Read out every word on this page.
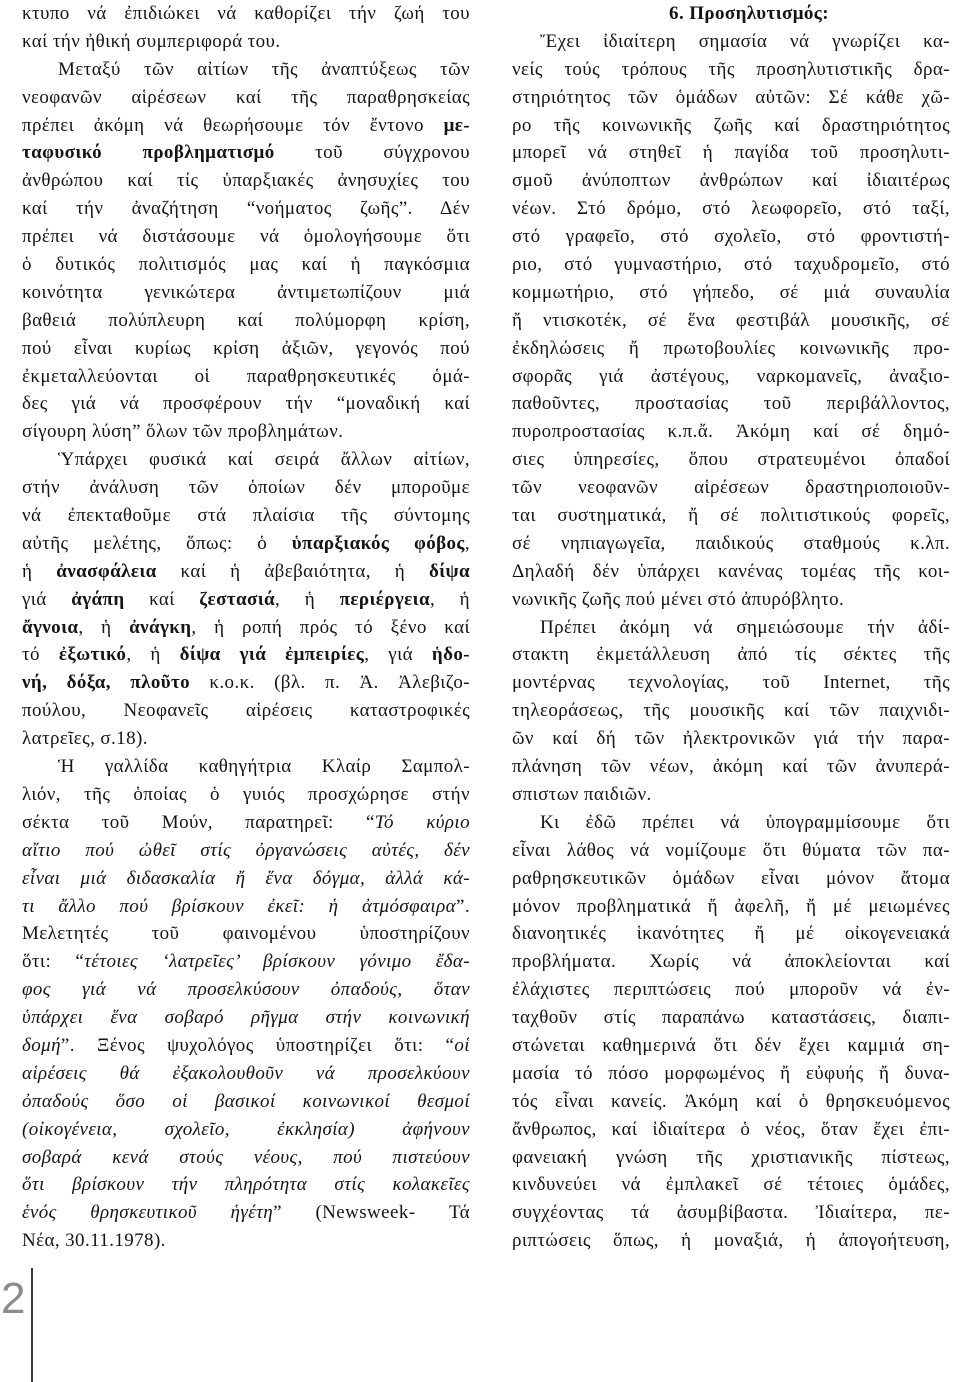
κτυπο νά ἐπιδιώκει νά καθορίζει τήν ζωή του
καί τήν ἠθική συμπεριφορά του.
Μεταξύ τῶν αἰτίων τῆς ἀναπτύξεως τῶν
νεοφανῶν αἱρέσεων καί τῆς παραθρησκείας
πρέπει ἀκόμη νά θεωρήσουμε τόν ἔντονο με-
ταφυσικό προβληματισμό τοῦ σύγχρονου
ἀνθρώπου καί τίς ὑπαρξιακές ἀνησυχίες του
καί τήν ἀναζήτηση “νοήματος ζωῆς”. Δέν
πρέπει νά διστάσουμε νά ὁμολογήσουμε ὅτι
ὁ δυτικός πολιτισμός μας καί ἡ παγκόσμια
κοινότητα γενικώτερα ἀντιμετωπίζουν μιά
βαθειά πολύπλευρη καί πολύμορφη κρίση,
πού εἶναι κυρίως κρίση ἀξιῶν, γεγονός πού
ἐκμεταλλεύονται οἱ παραθρησκευτικές ὁμά-
δες γιά νά προσφέρουν τήν “μοναδική καί
σίγουρη λύση” ὅλων τῶν προβλημάτων.
Ὑπάρχει φυσικά καί σειρά ἄλλων αἰτίων,
στήν ἀνάλυση τῶν ὁποίων δέν μποροῦμε
νά ἐπεκταθοῦμε στά πλαίσια τῆς σύντομης
αὐτῆς μελέτης, ὅπως: ὁ ὑπαρξιακός φόβος,
ἡ ἀνασφάλεια καί ἡ ἀβεβαιότητα, ἡ δίψα
γιά ἀγάπη καί ζεστασιά, ἡ περιέργεια, ἡ
ἄγνοια, ἡ ἀνάγκη, ἡ ροπή πρός τό ξένο καί
τό ἐξωτικό, ἡ δίψα γιά ἐμπειρίες, γιά ἡδο-
νή, δόξα, πλοῦτο κ.ο.κ. (βλ. π. Ἀ. Ἀλεβιζο-
πούλου, Νεοφανεῖς αἱρέσεις καταστροφικές
λατρεῖες, σ.18).
Ἡ γαλλίδα καθηγήτρια Κλαίρ Σαμπολ-
λιόν, τῆς ὁποίας ὁ γυιός προσχώρησε στήν
σέκτα τοῦ Μούν, παρατηρεῖ: “Τό κύριο
αἴτιο πού ὠθεῖ στίς ὀργανώσεις αὐτές, δέν
εἶναι μιά διδασκαλία ἤ ἕνα δόγμα, ἀλλά κά-
τι ἄλλο πού βρίσκουν ἐκεῖ: ἡ ἀτμόσφαιρα”.
Μελετητές τοῦ φαινομένου ὑποστηρίζουν
ὅτι: “τέτοιες ‘λατρεῖες’ βρίσκουν γόνιμο ἔδα-
φος γιά νά προσελκύσουν ὀπαδούς, ὅταν
ὑπάρχει ἕνα σοβαρό ρῆγμα στήν κοινωνική
δομή”. Ξένος ψυχολόγος ὑποστηρίζει ὅτι: “οἱ
αἱρέσεις θά ἐξακολουθοῦν νά προσελκύουν
ὀπαδούς ὅσο οἱ βασικοί κοινωνικοί θεσμοί
(οἰκογένεια, σχολεῖο, ἐκκλησία) ἀφήνουν
σοβαρά κενά στούς νέους, πού πιστεύουν
ὅτι βρίσκουν τήν πληρότητα στίς κολακεῖες
ἑνός θρησκευτικοῦ ἡγέτη” (Newsweek- Τά
Νέα, 30.11.1978).
6. Προσηλυτισμός:
Ἔχει ἰδιαίτερη σημασία νά γνωρίζει κα-
νείς τούς τρόπους τῆς προσηλυτιστικῆς δρα-
στηριότητος τῶν ὁμάδων αὐτῶν: Σέ κάθε χῶ-
ρο τῆς κοινωνικῆς ζωῆς καί δραστηριότητος
μπορεῖ νά στηθεῖ ἡ παγίδα τοῦ προσηλυτι-
σμοῦ ἀνύποπτων ἀνθρώπων καί ἰδιαιτέρως
νέων. Στό δρόμο, στό λεωφορεῖο, στό ταξί,
στό γραφεῖο, στό σχολεῖο, στό φροντιστή-
ριο, στό γυμναστήριο, στό ταχυδρομεῖο, στό
κομμωτήριο, στό γήπεδο, σέ μιά συναυλία
ἤ ντισκοτέκ, σέ ἕνα φεστιβάλ μουσικῆς, σέ
ἐκδηλώσεις ἤ πρωτοβουλίες κοινωνικῆς προ-
σφορᾶς γιά ἀστέγους, ναρκομανεῖς, ἀναξιο-
παθοῦντες, προστασίας τοῦ περιβάλλοντος,
πυροπροστασίας κ.π.ἄ. Ἀκόμη καί σέ δημό-
σιες ὑπηρεσίες, ὅπου στρατευμένοι ὀπαδοί
τῶν νεοφανῶν αἱρέσεων δραστηριοποιοῦν-
ται συστηματικά, ἤ σέ πολιτιστικούς φορεῖς,
σέ νηπιαγωγεῖα, παιδικούς σταθμούς κ.λπ.
Δηλαδή δέν ὑπάρχει κανένας τομέας τῆς κοι-
νωνικῆς ζωῆς πού μένει στό ἀπυρόβλητο.
Πρέπει ἀκόμη νά σημειώσουμε τήν ἀδί-
στακτη ἐκμετάλλευση ἀπό τίς σέκτες τῆς
μοντέρνας τεχνολογίας, τοῦ Internet, τῆς
τηλεοράσεως, τῆς μουσικῆς καί τῶν παιχνιδι-
ῶν καί δή τῶν ἠλεκτρονικῶν γιά τήν παρα-
πλάνηση τῶν νέων, ἀκόμη καί τῶν ἀνυπερά-
σπιστων παιδιῶν.
Κι ἐδῶ πρέπει νά ὑπογραμμίσουμε ὅτι
εἶναι λάθος νά νομίζουμε ὅτι θύματα τῶν πα-
ραθρησκευτικῶν ὁμάδων εἶναι μόνον ἄτομα
μόνον προβληματικά ἤ ἀφελῆ, ἤ μέ μειωμένες
διανοητικές ἱκανότητες ἤ μέ οἰκογενειακά
προβλήματα. Χωρίς νά ἀποκλείονται καί
ἐλάχιστες περιπτώσεις πού μποροῦν νά ἐν-
ταχθοῦν στίς παραπάνω καταστάσεις, διαπι-
στώνεται καθημερινά ὅτι δέν ἔχει καμμιά ση-
μασία τό πόσο μορφωμένος ἤ εὐφυής ἤ δυνα-
τός εἶναι κανείς. Ἀκόμη καί ὁ θρησκευόμενος
ἄνθρωπος, καί ἰδιαίτερα ὁ νέος, ὅταν ἔχει ἐπι-
φανειακή γνώση τῆς χριστιανικῆς πίστεως,
κινδυνεύει νά ἐμπλακεῖ σέ τέτοιες ὁμάδες,
συγχέοντας τά ἀσυμβίβαστα. Ἰδιαίτερα, πε-
ριπτώσεις ὅπως, ἡ μοναξιά, ἡ ἀπογοήτευση,
2
